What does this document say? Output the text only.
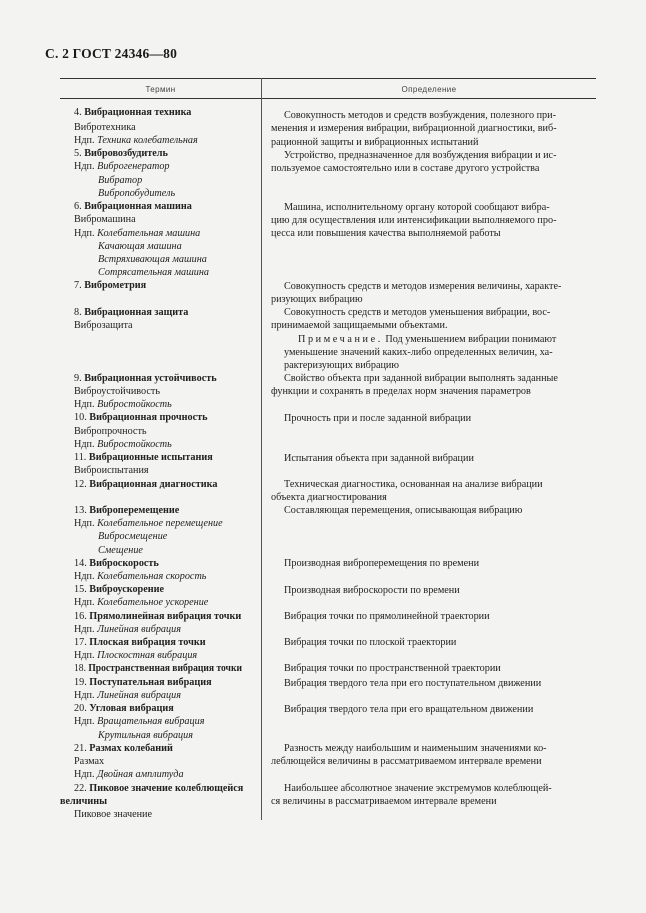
С. 2 ГОСТ 24346—80
Термин	Определение
4. Вибрационная техника
Вибротехника
Ндп. Техника колебательная
5. Вибровозбудитель
Ндп. Виброгенератор
Вибратор
Вибропобудитель
6. Вибрационная машина
Вибромашина
Ндп. Колебательная машина
Качающая машина
Встряхивающая машина
Сотрясательная машина
7. Виброметрия
8. Вибрационная защита
Виброзащита
9. Вибрационная устойчивость
Виброустойчивость
Ндп. Вибростойкость
10. Вибрационная прочность
Вибропрочность
Ндп. Виброcтойкость
11. Вибрационные испытания
Виброиспытания
12. Вибрационная диагностика
13. Виброперемещение
Ндп. Колебательное перемещение
Вибросмещение
Смещение
14. Виброскорость
Ндп. Колебательная скорость
15. Виброускорение
Ндп. Колебательное ускорение
16. Прямолинейная вибрация точки
Ндп. Линейная вибрация
17. Плоская вибрация точки
Ндп. Плоскостная вибрация
18. Пространственная вибрация точки
19. Поступательная вибрация
Ндп. Линейная вибрация
20. Угловая вибрация
Ндп. Вращательная вибрация
Крутильная вибрация
21. Размах колебаний
Размах
Ндп. Двойная амплитуда
22. Пиковое значение колеблющейся
величины
Пиковое значение
Совокупность методов и средств возбуждения, полезного при-
менения и измерения вибрации, вибрационной диагностики, виб-
рационной защиты и вибрационных испытаний
Устройство, предназначенное для возбуждения вибрации и ис-
пользуемое самостоятельно или в составе другого устройства
Машина, исполнительному органу которой сообщают вибра-
цию для осуществления или интенсификации выполняемого про-
цесса или повышения качества выполняемой работы
Совокупность средств и методов измерения величины, характе-
ризующих вибрацию
Совокупность средств и методов уменьшения вибрации, вос-
принимаемой защищаемыми объектами.
Примечание. Под уменьшением вибрации понимают
уменьшение значений каких-либо определенных величин, ха-
рактеризующих вибрацию
Свойство объекта при заданной вибрации выполнять заданные
функции и сохранять в пределах норм значения параметров
Прочность при и после заданной вибрации
Испытания объекта при заданной вибрации
Техническая диагностика, основанная на анализе вибрации
объекта диагностирования
Составляющая перемещения, описывающая вибрацию
Производная виброперемещения по времени
Производная виброскорости по времени
Вибрация точки по прямолинейной траектории
Вибрация точки по плоской траектории
Вибрация точки по пространственной траектории
Вибрация твердого тела при его поступательном движении
Вибрация твердого тела при его вращательном движении
Разность между наибольшим и наименьшим значениями ко-
леблющейся величины в рассматриваемом интервале времени
Наибольшее абсолютное значение экстремумов колеблющей-
ся величины в рассматриваемом интервале времени
